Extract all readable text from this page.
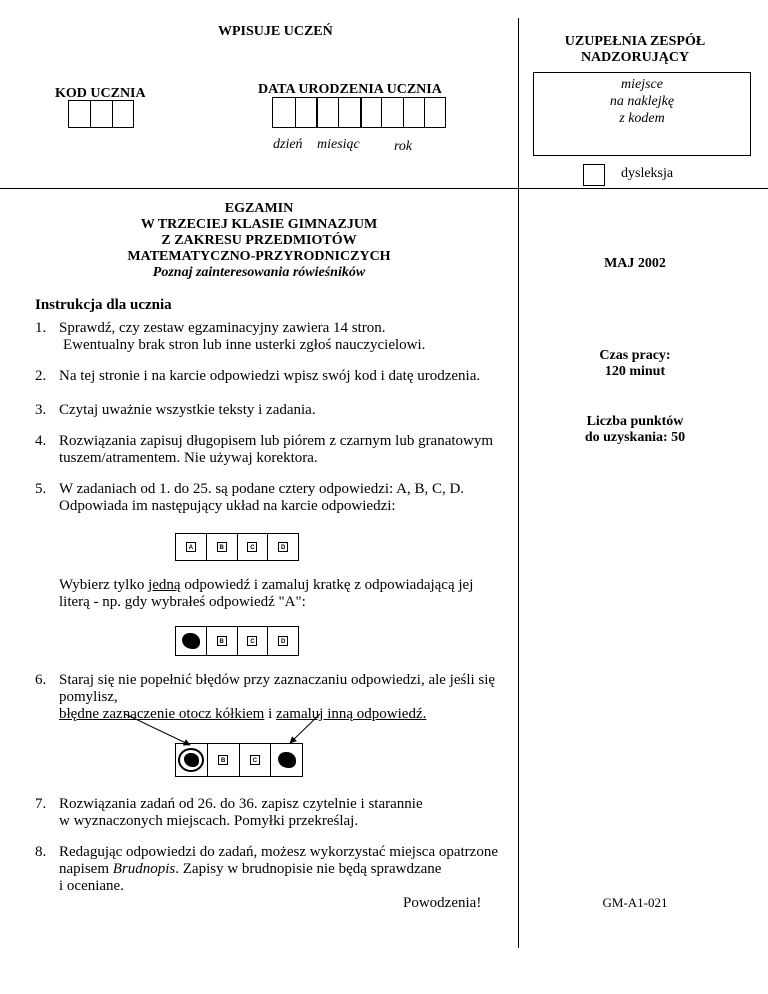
WPISUJE UCZEŃ
KOD UCZNIA	DATA URODZENIA UCZNIA
dzień miesiąc rok
UZUPEŁNIA ZESPÓŁ NADZORUJĄCY
miejsce
na naklejkę
z kodem
dysleksja
EGZAMIN
W TRZECIEJ KLASIE GIMNAZJUM
Z ZAKRESU PRZEDMIOTÓW
MATEMATYCZNO-PRZYRODNICZYCH
Poznaj zainteresowania rówieśników
MAJ 2002
Czas pracy:
120 minut
Liczba punktów
do uzyskania: 50
GM-A1-021
Instrukcja dla ucznia
1. Sprawdź, czy zestaw egzaminacyjny zawiera 14 stron.
Ewentualny brak stron lub inne usterki zgłoś nauczycielowi.
2. Na tej stronie i na karcie odpowiedzi wpisz swój kod i datę urodzenia.
3. Czytaj uważnie wszystkie teksty i zadania.
4. Rozwiązania zapisuj długopisem lub piórem z czarnym lub granatowym
tuszem/atramentem. Nie używaj korektora.
5. W zadaniach od 1. do 25. są podane cztery odpowiedzi: A, B, C, D.
Odpowiada im następujący układ na karcie odpowiedzi:
A	B	C	D
Wybierz tylko jedną odpowiedź i zamaluj kratkę z odpowiadającą jej
literą - np. gdy wybrałeś odpowiedź "A":
B	C	D
6. Staraj się nie popełnić błędów przy zaznaczaniu odpowiedzi, ale jeśli się
pomylisz,
błędne zaznaczenie otocz kółkiem i zamaluj inną odpowiedź.
B	C
7. Rozwiązania zadań od 26. do 36. zapisz czytelnie i starannie
w wyznaczonych miejscach. Pomyłki przekreślaj.
8. Redagując odpowiedzi do zadań, możesz wykorzystać miejsca opatrzone
napisem Brudnopis. Zapisy w brudnopisie nie będą sprawdzane
i oceniane.
Powodzenia!
